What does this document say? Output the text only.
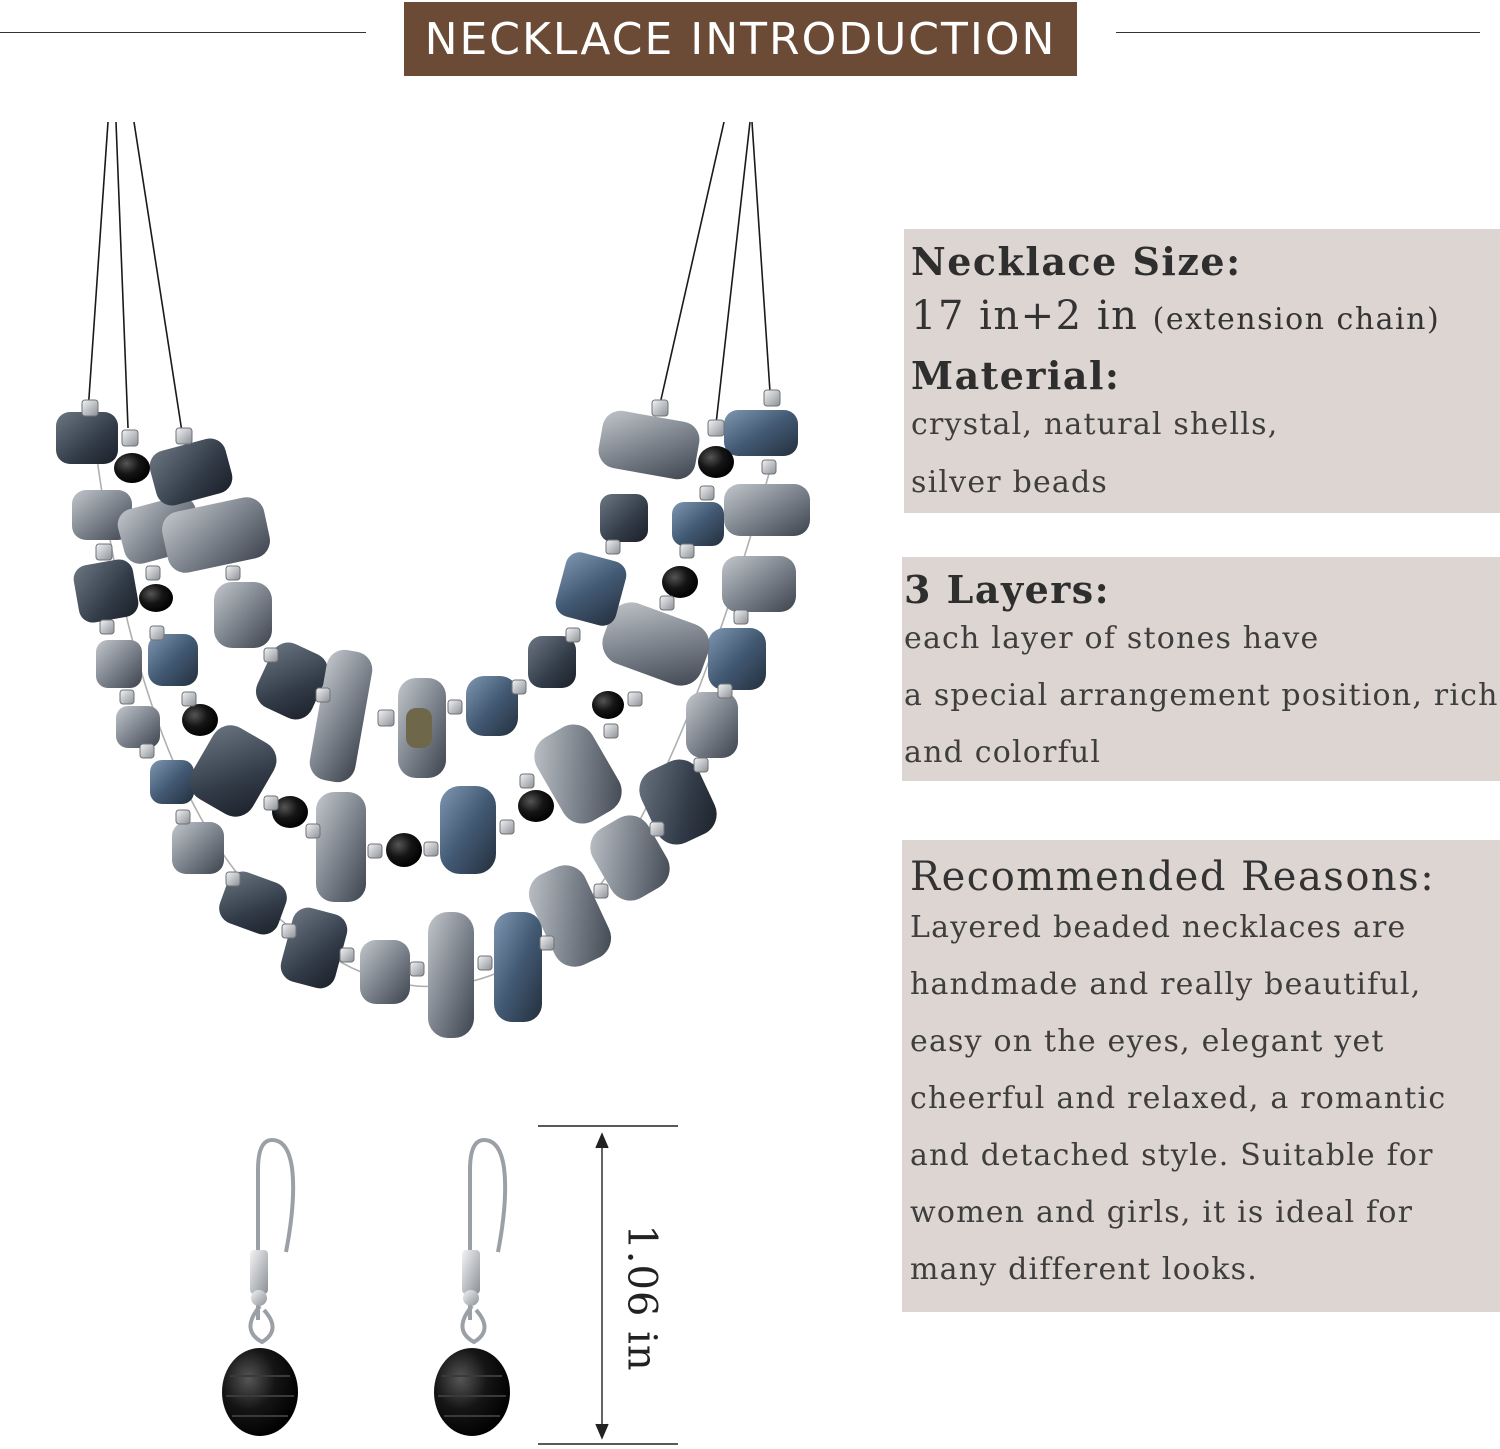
NECKLACE INTRODUCTION
1.06 in
Necklace Size:
17 in+2 in (extension chain)
Material:
crystal, natural shells,
silver beads
3 Layers:
each layer of stones have
a special arrangement position, rich
and colorful
Recommended Reasons:
Layered beaded necklaces are
handmade and really beautiful,
easy on the eyes, elegant yet
cheerful and relaxed, a romantic
and detached style. Suitable for
women and girls, it is ideal for
many different looks.
